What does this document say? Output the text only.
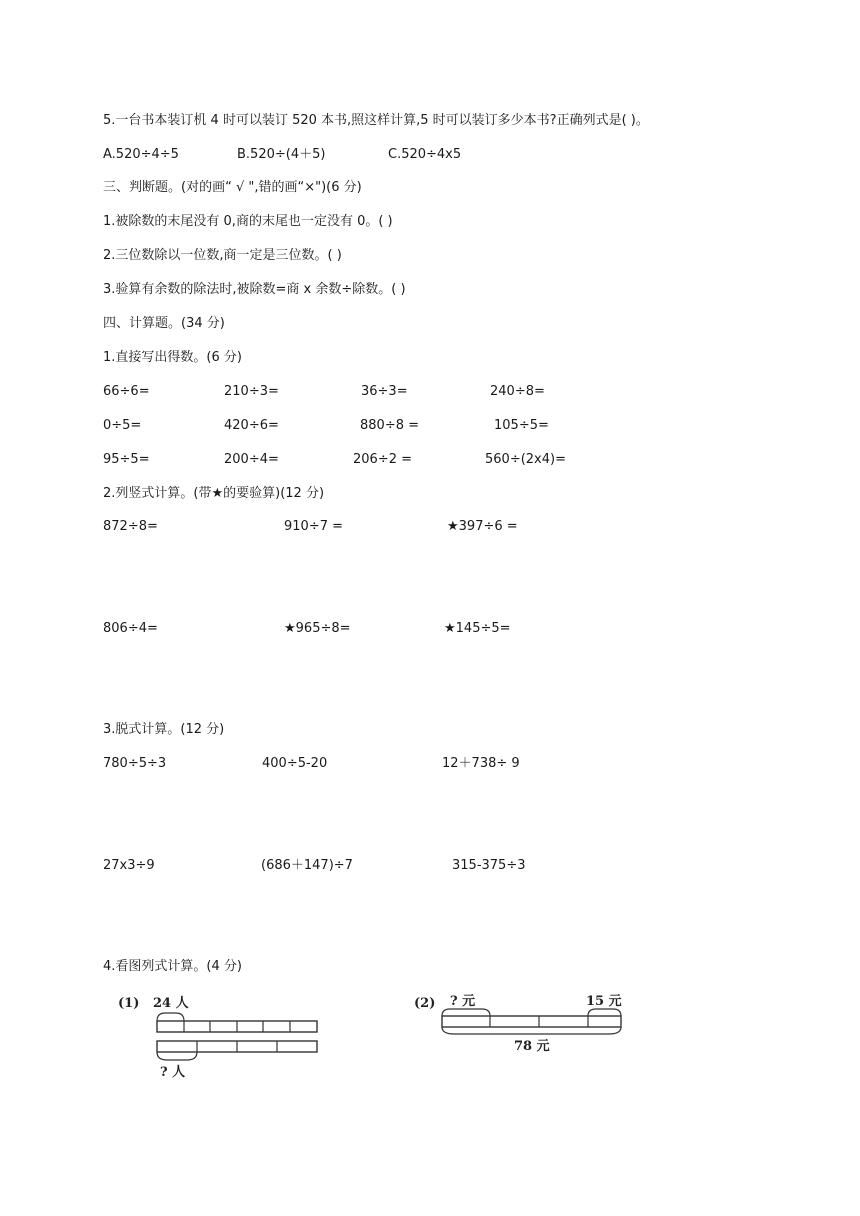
5.一台书本装订机 4 时可以装订 520 本书,照这样计算,5 时可以装订多少本书?正确列式是( )。
A.520÷4÷5	B.520÷(4＋5)	C.520÷4x5
三、判断题。(对的画“ √ ",错的画“×")(6 分)
1.被除数的末尾没有 0,商的末尾也一定没有 0。( )
2.三位数除以一位数,商一定是三位数。( )
3.验算有余数的除法时,被除数=商 x 余数÷除数。( )
四、计算题。(34 分)
1.直接写出得数。(6 分)
66÷6=	210÷3=	36÷3=	240÷8=
0÷5=	420÷6=	880÷8 =	105÷5=
95÷5=	200÷4=	206÷2 =	560÷(2x4)=
2.列竖式计算。(带★的要验算)(12 分)
872÷8=	910÷7 =	★397÷6 =
806÷4=	★965÷8=	★145÷5=
3.脱式计算。(12 分)
780÷5÷3	400÷5-20	12＋738÷ 9
27x3÷9	(686＋147)÷7	315-375÷3
4.看图列式计算。(4 分)
(1) 24 人
? 人
(2) ? 元	15 元
78 元
